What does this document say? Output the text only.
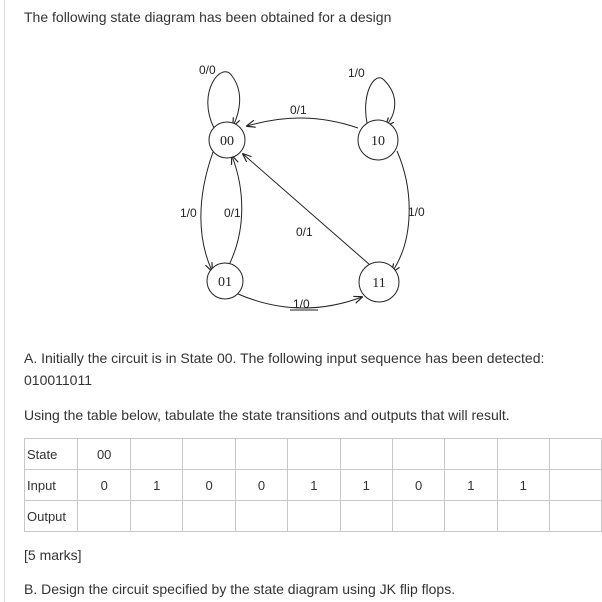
The following state diagram has been obtained for a design
0/0	1/0
0/1
1/0 0/1
0/1
1/0
1/0
00	10
01	11
A. Initially the circuit is in State 00. The following input sequence has been detected:
010011011
Using the table below, tabulate the state transitions and outputs that will result.
State	00									
Input	0	1	0	0	1	1	0	1	1	
Output										
[5 marks]
B. Design the circuit specified by the state diagram using JK flip flops.
